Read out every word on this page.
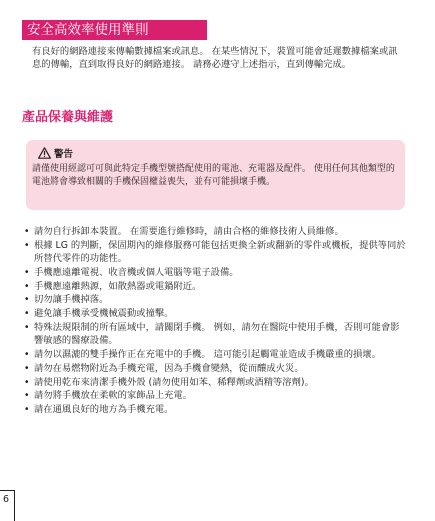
安全高效率使用準則
有良好的網路連接來傳輸數據檔案或訊息。 在某些情況下，裝置可能會延遲數據檔案或訊息的傳輸，直到取得良好的網路連接。 請務必遵守上述指示，直到傳輸完成。
產品保養與維護
警告
請僅使用經認可可與此特定手機型號搭配使用的電池、充電器及配件。 使用任何其他類型的電池將會導致相關的手機保固權益喪失，並有可能損壞手機。
• 請勿自行拆卸本裝置。 在需要進行維修時，請由合格的維修技術人員維修。
• 根據 LG 的判斷，保固期內的維修服務可能包括更換全新或翻新的零件或機板，提供等同於所替代零件的功能性。
• 手機應遠離電視、收音機或個人電腦等電子設備。
• 手機應遠離熱源，如散熱器或電鍋附近。
• 切勿讓手機掉落。
• 避免讓手機承受機械震動或撞擊。
• 特殊法規限制的所有區域中，請關閉手機。 例如，請勿在醫院中使用手機，否則可能會影響敏感的醫療設備。
• 請勿以濕漉的雙手操作正在充電中的手機。 這可能引起觸電並造成手機嚴重的損壞。
• 請勿在易燃物附近為手機充電，因為手機會變熱，從而釀成火災。
• 請使用乾布來清潔手機外殼 (請勿使用如苯、稀釋劑或酒精等溶劑)。
• 請勿將手機放在柔軟的家飾品上充電。
• 請在通風良好的地方為手機充電。
6
